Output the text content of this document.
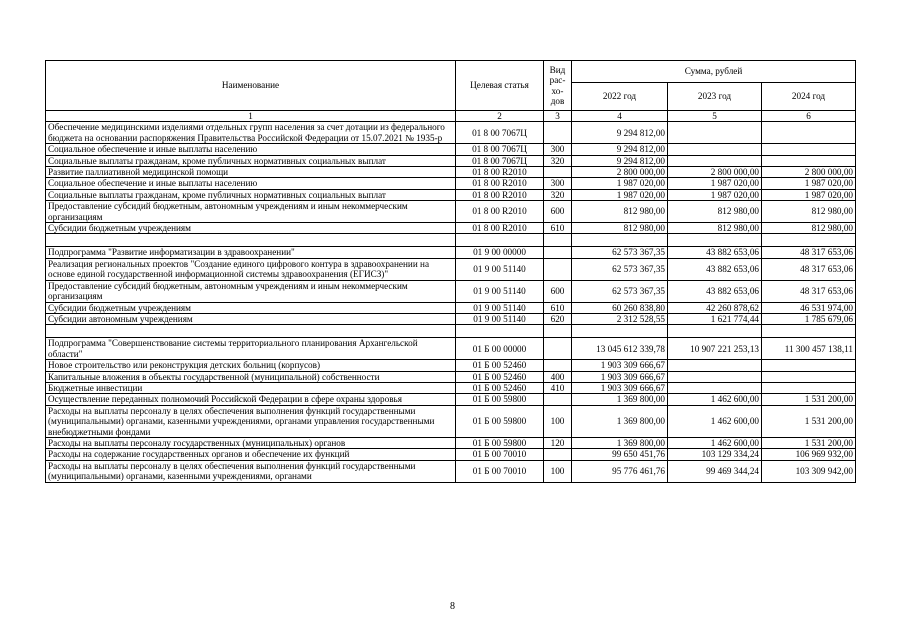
Наименование	Целевая статья	Вид рас-хо-дов	Сумма, рублей		
			2022 год	2023 год	2024 год
1	2	3	4	5	6
Обеспечение медицинскими изделиями отдельных групп населения за счет дотации из федерального бюджета на основании распоряжения Правительства Российской Федерации от 15.07.2021 № 1935-р	01 8 00 7067Ц		9 294 812,00		
Социальное обеспечение и иные выплаты населению	01 8 00 7067Ц	300	9 294 812,00		
Социальные выплаты гражданам, кроме публичных нормативных социальных выплат	01 8 00 7067Ц	320	9 294 812,00		
Развитие паллиативной медицинской помощи	01 8 00 R2010		2 800 000,00	2 800 000,00	2 800 000,00
Социальное обеспечение и иные выплаты населению	01 8 00 R2010	300	1 987 020,00	1 987 020,00	1 987 020,00
Социальные выплаты гражданам, кроме публичных нормативных социальных выплат	01 8 00 R2010	320	1 987 020,00	1 987 020,00	1 987 020,00
Предоставление субсидий бюджетным, автономным учреждениям и иным некоммерческим организациям	01 8 00 R2010	600	812 980,00	812 980,00	812 980,00
Субсидии бюджетным учреждениям	01 8 00 R2010	610	812 980,00	812 980,00	812 980,00

Подпрограмма "Развитие информатизации в здравоохранении"	01 9 00 00000		62 573 367,35	43 882 653,06	48 317 653,06
Реализация региональных проектов "Создание единого цифрового контура в здравоохранении на основе единой государственной информационной системы здравоохранения (ЕГИСЗ)"	01 9 00 51140		62 573 367,35	43 882 653,06	48 317 653,06
Предоставление субсидий бюджетным, автономным учреждениям и иным некоммерческим организациям	01 9 00 51140	600	62 573 367,35	43 882 653,06	48 317 653,06
Субсидии бюджетным учреждениям	01 9 00 51140	610	60 260 838,80	42 260 878,62	46 531 974,00
Субсидии автономным учреждениям	01 9 00 51140	620	2 312 528,55	1 621 774,44	1 785 679,06

Подпрограмма "Совершенствование системы территориального планирования Архангельской области"	01 Б 00 00000		13 045 612 339,78	10 907 221 253,13	11 300 457 138,11
Новое строительство или реконструкция детских больниц (корпусов)	01 Б 00 52460		1 903 309 666,67		
Капитальные вложения в объекты государственной (муниципальной) собственности	01 Б 00 52460	400	1 903 309 666,67		
Бюджетные инвестиции	01 Б 00 52460	410	1 903 309 666,67		
Осуществление переданных полномочий Российской Федерации в сфере охраны здоровья	01 Б 00 59800		1 369 800,00	1 462 600,00	1 531 200,00
Расходы на выплаты персоналу в целях обеспечения выполнения функций государственными (муниципальными) органами, казенными учреждениями, органами управления государственными внебюджетными фондами	01 Б 00 59800	100	1 369 800,00	1 462 600,00	1 531 200,00
Расходы на выплаты персоналу государственных (муниципальных) органов	01 Б 00 59800	120	1 369 800,00	1 462 600,00	1 531 200,00
Расходы на содержание государственных органов и обеспечение их функций	01 Б 00 70010		99 650 451,76	103 129 334,24	106 969 932,00
Расходы на выплаты персоналу в целях обеспечения выполнения функций государственными (муниципальными) органами, казенными учреждениями, органами	01 Б 00 70010	100	95 776 461,76	99 469 344,24	103 309 942,00
8
